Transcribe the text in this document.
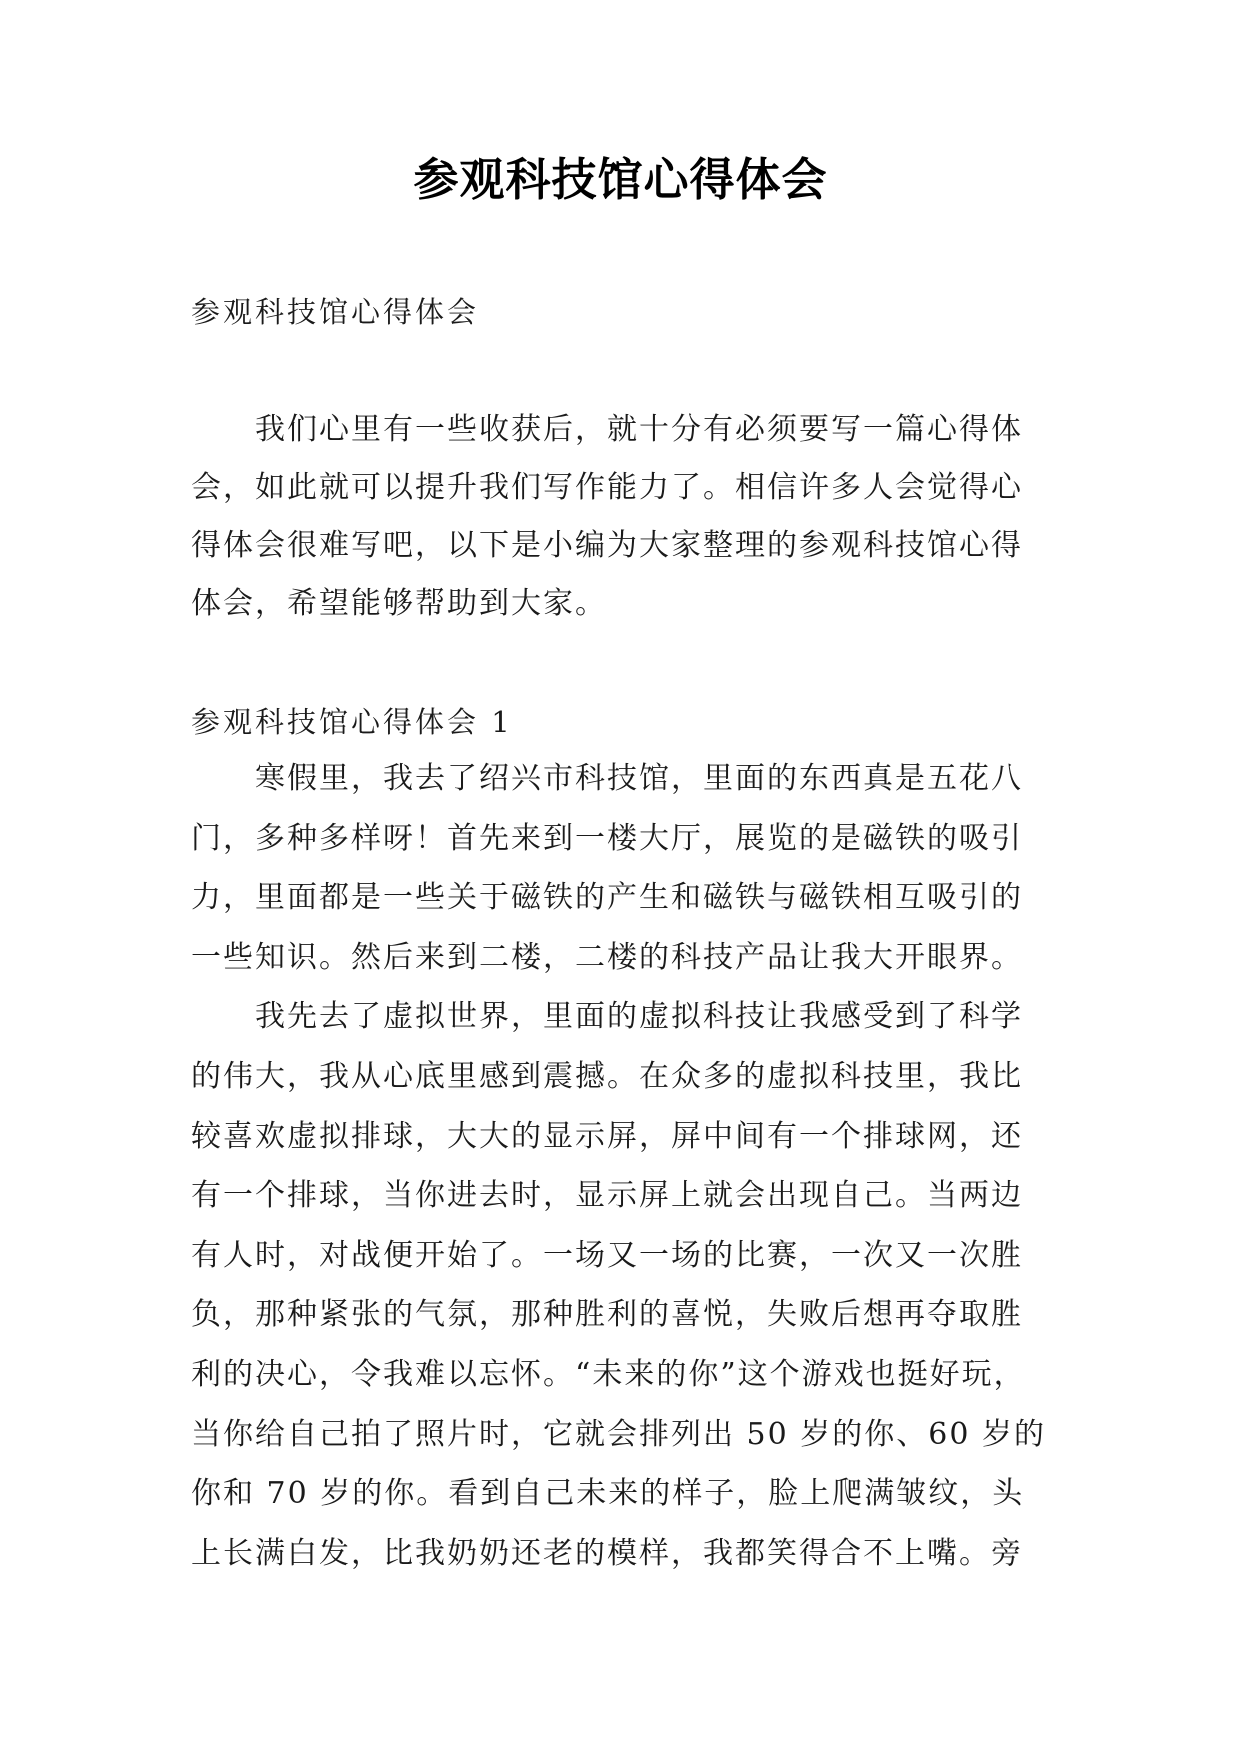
参观科技馆心得体会
参观科技馆心得体会
　　我们心里有一些收获后，就十分有必须要写一篇心得体
会，如此就可以提升我们写作能力了。相信许多人会觉得心
得体会很难写吧，以下是小编为大家整理的参观科技馆心得
体会，希望能够帮助到大家。
参观科技馆心得体会 1
　　寒假里，我去了绍兴市科技馆，里面的东西真是五花八
门，多种多样呀！首先来到一楼大厅，展览的是磁铁的吸引
力，里面都是一些关于磁铁的产生和磁铁与磁铁相互吸引的
一些知识。然后来到二楼，二楼的科技产品让我大开眼界。
　　我先去了虚拟世界，里面的虚拟科技让我感受到了科学
的伟大，我从心底里感到震撼。在众多的虚拟科技里，我比
较喜欢虚拟排球，大大的显示屏，屏中间有一个排球网，还
有一个排球，当你进去时，显示屏上就会出现自己。当两边
有人时，对战便开始了。一场又一场的比赛，一次又一次胜
负，那种紧张的气氛，那种胜利的喜悦，失败后想再夺取胜
利的决心，令我难以忘怀。“未来的你”这个游戏也挺好玩，
当你给自己拍了照片时，它就会排列出 50 岁的你、60 岁的
你和 70 岁的你。看到自己未来的样子，脸上爬满皱纹，头
上长满白发，比我奶奶还老的模样，我都笑得合不上嘴。旁
